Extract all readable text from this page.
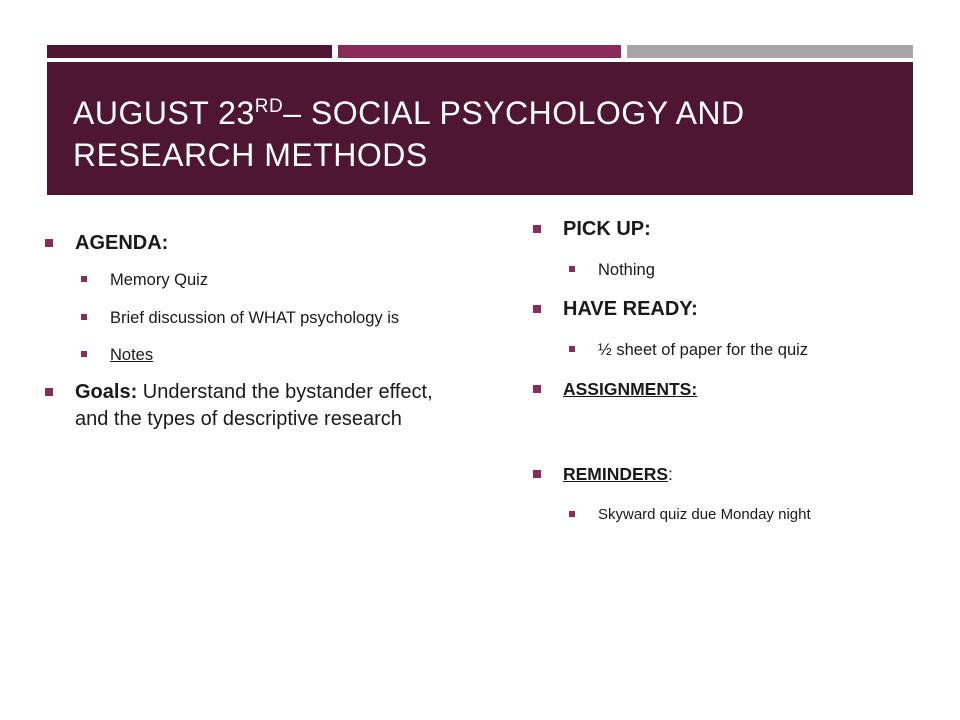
AUGUST 23RD– SOCIAL PSYCHOLOGY AND RESEARCH METHODS
AGENDA:
Memory Quiz
Brief discussion of WHAT psychology is
Notes
Goals: Understand the bystander effect, and the types of descriptive research
PICK UP:
Nothing
HAVE READY:
½ sheet of paper for the quiz
ASSIGNMENTS:
REMINDERS:
Skyward quiz due Monday night
